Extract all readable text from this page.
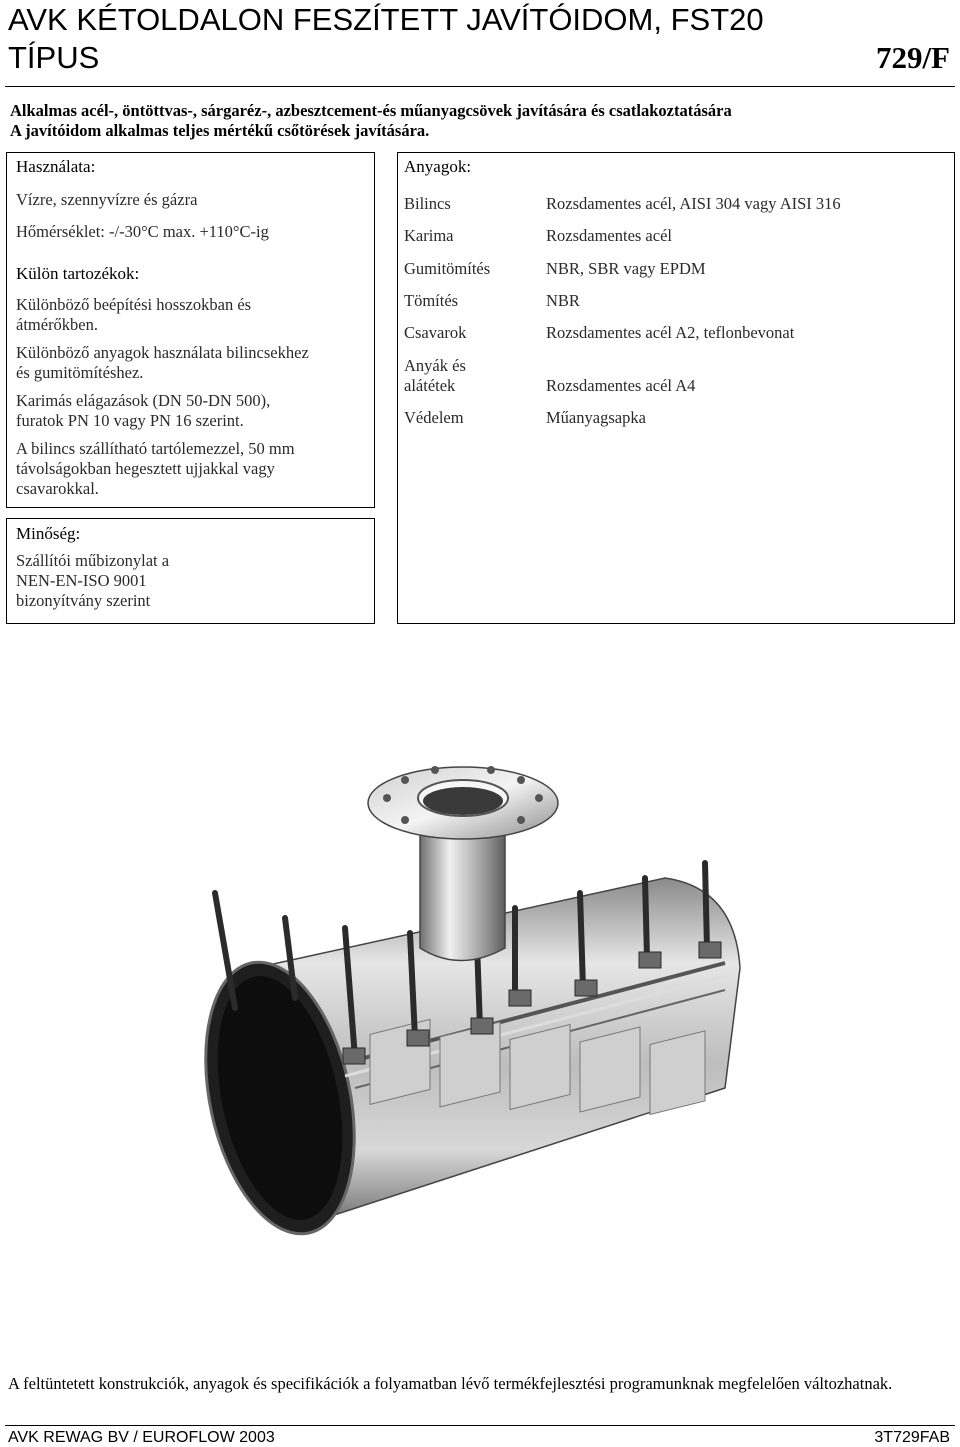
AVK KÉTOLDALON FESZÍTETT JAVÍTÓIDOM, FST20
TÍPUS	729/F
Alkalmas acél-, öntöttvas-, sárgaréz-, azbesztcement-és műanyagcsövek javítására és csatlakoztatására
A javítóidom alkalmas teljes mértékű csőtörések javítására.
Használata:
Vízre, szennyvízre és gázra
Hőmérséklet: -/-30°C max. +110°C-ig
Külön tartozékok:
Különböző beépítési hosszokban és átmérőkben.
Különböző anyagok használata bilincsekhez és gumitömítéshez.
Karimás elágazások (DN 50-DN 500), furatok PN 10 vagy PN 16 szerint.
A bilincs szállítható tartólemezzel, 50 mm távolságokban hegesztett ujjakkal vagy csavarokkal.
Minőség:
Szállítói műbizonylat a NEN-EN-ISO 9001 bizonyítvány szerint
Anyagok:
Bilincs	Rozsdamentes acél, AISI 304 vagy AISI 316
Karima	Rozsdamentes acél
Gumitömítés	NBR, SBR vagy EPDM
Tömítés	NBR
Csavarok	Rozsdamentes acél A2, teflonbevonat
Anyák és alátétek	Rozsdamentes acél A4
Védelem	Műanyagsapka
A feltüntetett konstrukciók, anyagok és specifikációk a folyamatban lévő termékfejlesztési programunknak megfelelően változhatnak.
AVK REWAG BV / EUROFLOW 2003	3T729FAB
